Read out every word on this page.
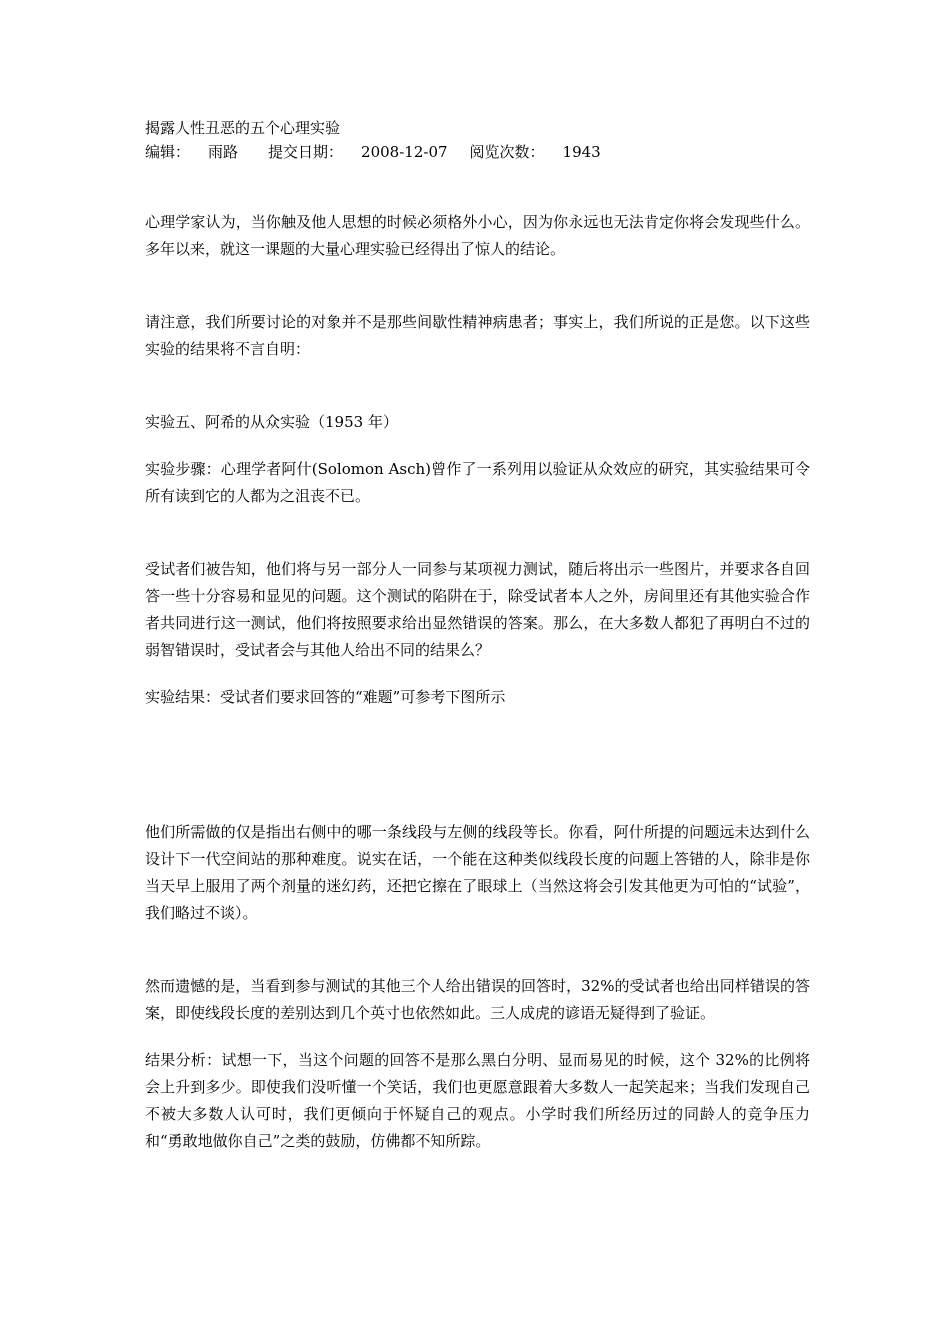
揭露人性丑恶的五个心理实验

编辑： 雨路 提交日期： 2008-12-07 阅览次数： 1943

心理学家认为，当你触及他人思想的时候必须格外小心，因为你永远也无法肯定你将会发现些什么。多年以来，就这一课题的大量心理实验已经得出了惊人的结论。

请注意，我们所要讨论的对象并不是那些间歇性精神病患者；事实上，我们所说的正是您。以下这些实验的结果将不言自明：

实验五、阿希的从众实验（1953 年）

实验步骤：心理学者阿什(Solomon Asch)曾作了一系列用以验证从众效应的研究，其实验结果可令所有读到它的人都为之沮丧不已。

受试者们被告知，他们将与另一部分人一同参与某项视力测试，随后将出示一些图片，并要求各自回答一些十分容易和显见的问题。这个测试的陷阱在于，除受试者本人之外，房间里还有其他实验合作者共同进行这一测试，他们将按照要求给出显然错误的答案。那么，在大多数人都犯了再明白不过的弱智错误时，受试者会与其他人给出不同的结果么？

实验结果：受试者们要求回答的“难题”可参考下图所示

他们所需做的仅是指出右侧中的哪一条线段与左侧的线段等长。你看，阿什所提的问题远未达到什么设计下一代空间站的那种难度。说实在话，一个能在这种类似线段长度的问题上答错的人，除非是你当天早上服用了两个剂量的迷幻药，还把它擦在了眼球上（当然这将会引发其他更为可怕的“试验”，我们略过不谈）。

然而遗憾的是，当看到参与测试的其他三个人给出错误的回答时，32%的受试者也给出同样错误的答案，即使线段长度的差别达到几个英寸也依然如此。三人成虎的谚语无疑得到了验证。

结果分析：试想一下，当这个问题的回答不是那么黑白分明、显而易见的时候，这个 32%的比例将会上升到多少。即使我们没听懂一个笑话，我们也更愿意跟着大多数人一起笑起来；当我们发现自己不被大多数人认可时，我们更倾向于怀疑自己的观点。小学时我们所经历过的同龄人的竞争压力和“勇敢地做你自己”之类的鼓励，仿佛都不知所踪。
